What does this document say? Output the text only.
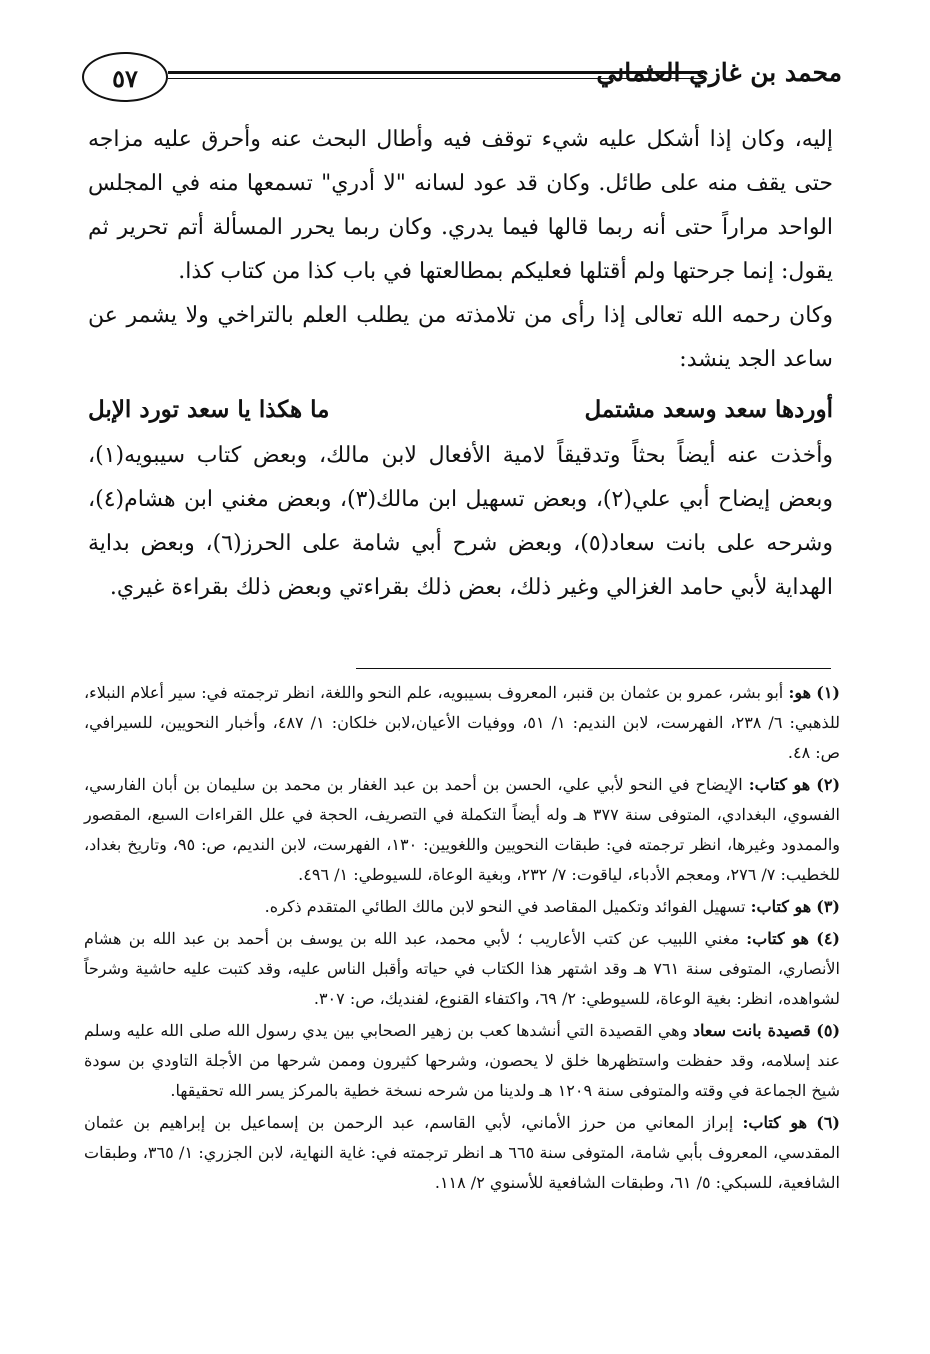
٥٧	محمد بن غازي العثماني

إليه، وكان إذا أشكل عليه شيء توقف فيه وأطال البحث عنه وأحرق عليه مزاجه حتى يقف منه على طائل. وكان قد عود لسانه "لا أدري" تسمعها منه في المجلس الواحد مراراً حتى أنه ربما قالها فيما يدري. وكان ربما يحرر المسألة أتم تحرير ثم يقول: إنما جرحتها ولم أقتلها فعليكم بمطالعتها في باب كذا من كتاب كذا.

وكان رحمه الله تعالى إذا رأى من تلامذته من يطلب العلم بالتراخي ولا يشمر عن ساعد الجد ينشد:

أوردها سعد وسعد مشتمل
ما هكذا يا سعد تورد الإبل

وأخذت عنه أيضاً بحثاً وتدقيقاً لامية الأفعال لابن مالك، وبعض كتاب سيبويه(١)، وبعض إيضاح أبي علي(٢)، وبعض تسهيل ابن مالك(٣)، وبعض مغني ابن هشام(٤)، وشرحه على بانت سعاد(٥)، وبعض شرح أبي شامة على الحرز(٦)، وبعض بداية الهداية لأبي حامد الغزالي وغير ذلك، بعض ذلك بقراءتي وبعض ذلك بقراءة غيري.

(١) هو: أبو بشر، عمرو بن عثمان بن قنبر، المعروف بسيبويه، علم النحو واللغة، انظر ترجمته في: سير أعلام النبلاء، للذهبي: ٦/ ٢٣٨، الفهرست، لابن النديم: ١/ ٥١، ووفيات الأعيان،لابن خلكان: ١/ ٤٨٧، وأخبار النحويين، للسيرافي، ص: ٤٨.

(٢) هو كتاب: الإيضاح في النحو لأبي علي، الحسن بن أحمد بن عبد الغفار بن محمد بن سليمان بن أبان الفارسي، الفسوي، البغدادي، المتوفى سنة ٣٧٧ هـ وله أيضاً التكملة في التصريف، الحجة في علل القراءات السبع، المقصور والممدود وغيرها، انظر ترجمته في: طبقات النحويين واللغويين: ١٣٠، الفهرست، لابن النديم، ص: ٩٥، وتاريخ بغداد، للخطيب: ٧/ ٢٧٦، ومعجم الأدباء، لياقوت: ٧/ ٢٣٢، وبغية الوعاة، للسيوطي: ١/ ٤٩٦.

(٣) هو كتاب: تسهيل الفوائد وتكميل المقاصد في النحو لابن مالك الطائي المتقدم ذكره.

(٤) هو كتاب: مغني اللبيب عن كتب الأعاريب ؛ لأبي محمد، عبد الله بن يوسف بن أحمد بن عبد الله بن هشام الأنصاري، المتوفى سنة ٧٦١ هـ وقد اشتهر هذا الكتاب في حياته وأقبل الناس عليه، وقد كتبت عليه حاشية وشرحاً لشواهده، انظر: بغية الوعاة، للسيوطي: ٢/ ٦٩، واكتفاء القنوع، لفنديك، ص: ٣٠٧.

(٥) قصيدة بانت سعاد وهي القصيدة التي أنشدها كعب بن زهير الصحابي بين يدي رسول الله صلى الله عليه وسلم عند إسلامه، وقد حفظت واستظهرها خلق لا يحصون، وشرحها كثيرون وممن شرحها من الأجلة التاودي بن سودة شيخ الجماعة في وقته والمتوفى سنة ١٢٠٩ هـ ولدينا من شرحه نسخة خطية بالمركز يسر الله تحقيقها.

(٦) هو كتاب: إبراز المعاني من حرز الأماني، لأبي القاسم، عبد الرحمن بن إسماعيل بن إبراهيم بن عثمان المقدسي، المعروف بأبي شامة، المتوفى سنة ٦٦٥ هـ انظر ترجمته في: غاية النهاية، لابن الجزري: ١/ ٣٦٥، وطبقات الشافعية، للسبكي: ٥/ ٦١، وطبقات الشافعية للأسنوي ٢/ ١١٨.
